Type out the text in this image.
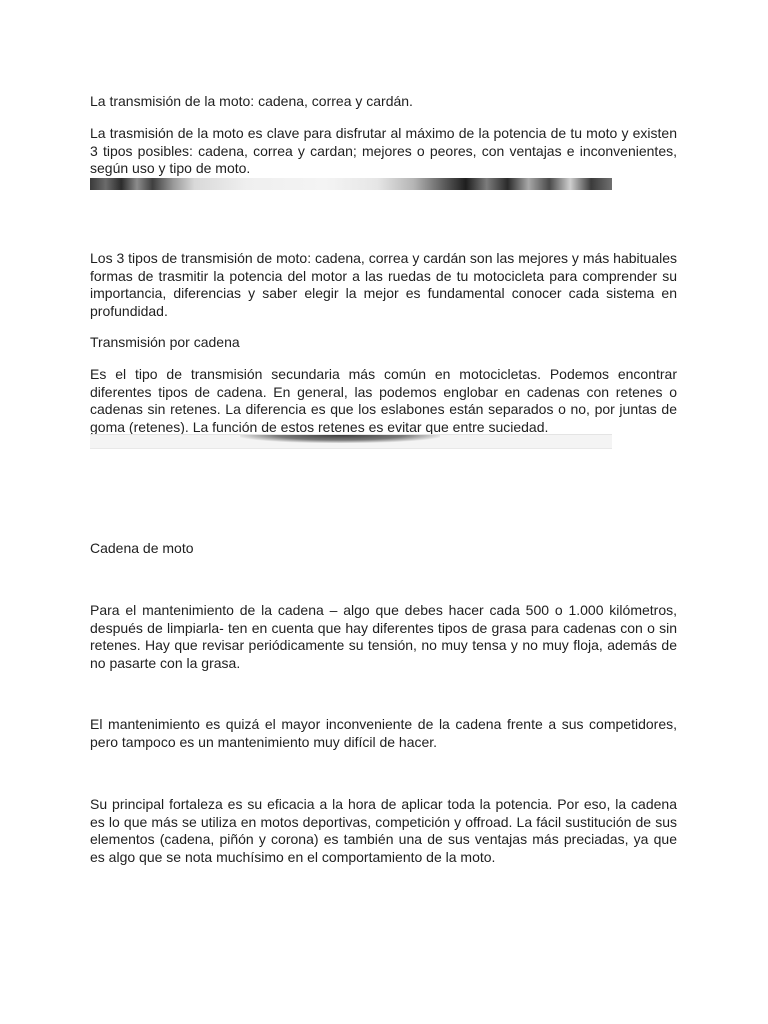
La transmisión de la moto: cadena, correa y cardán.

La trasmisión de la moto es clave para disfrutar al máximo de la potencia de tu moto y existen 3 tipos posibles: cadena, correa y cardan; mejores o peores, con ventajas e inconvenientes, según uso y tipo de moto.

Los 3 tipos de transmisión de moto: cadena, correa y cardán son las mejores y más habituales formas de trasmitir la potencia del motor a las ruedas de tu motocicleta para comprender su importancia, diferencias y saber elegir la mejor es fundamental conocer cada sistema en profundidad.

Transmisión por cadena

Es el tipo de transmisión secundaria más común en motocicletas. Podemos encontrar diferentes tipos de cadena. En general, las podemos englobar en cadenas con retenes o cadenas sin retenes. La diferencia es que los eslabones están separados o no, por juntas de goma (retenes). La función de estos retenes es evitar que entre suciedad.

Cadena de moto

Para el mantenimiento de la cadena – algo que debes hacer cada 500 o 1.000 kilómetros, después de limpiarla- ten en cuenta que hay diferentes tipos de grasa para cadenas con o sin retenes. Hay que revisar periódicamente su tensión, no muy tensa y no muy floja, además de no pasarte con la grasa.

El mantenimiento es quizá el mayor inconveniente de la cadena frente a sus competidores, pero tampoco es un mantenimiento muy difícil de hacer.

Su principal fortaleza es su eficacia a la hora de aplicar toda la potencia. Por eso, la cadena es lo que más se utiliza en motos deportivas, competición y offroad. La fácil sustitución de sus elementos (cadena, piñón y corona) es también una de sus ventajas más preciadas, ya que es algo que se nota muchísimo en el comportamiento de la moto.
